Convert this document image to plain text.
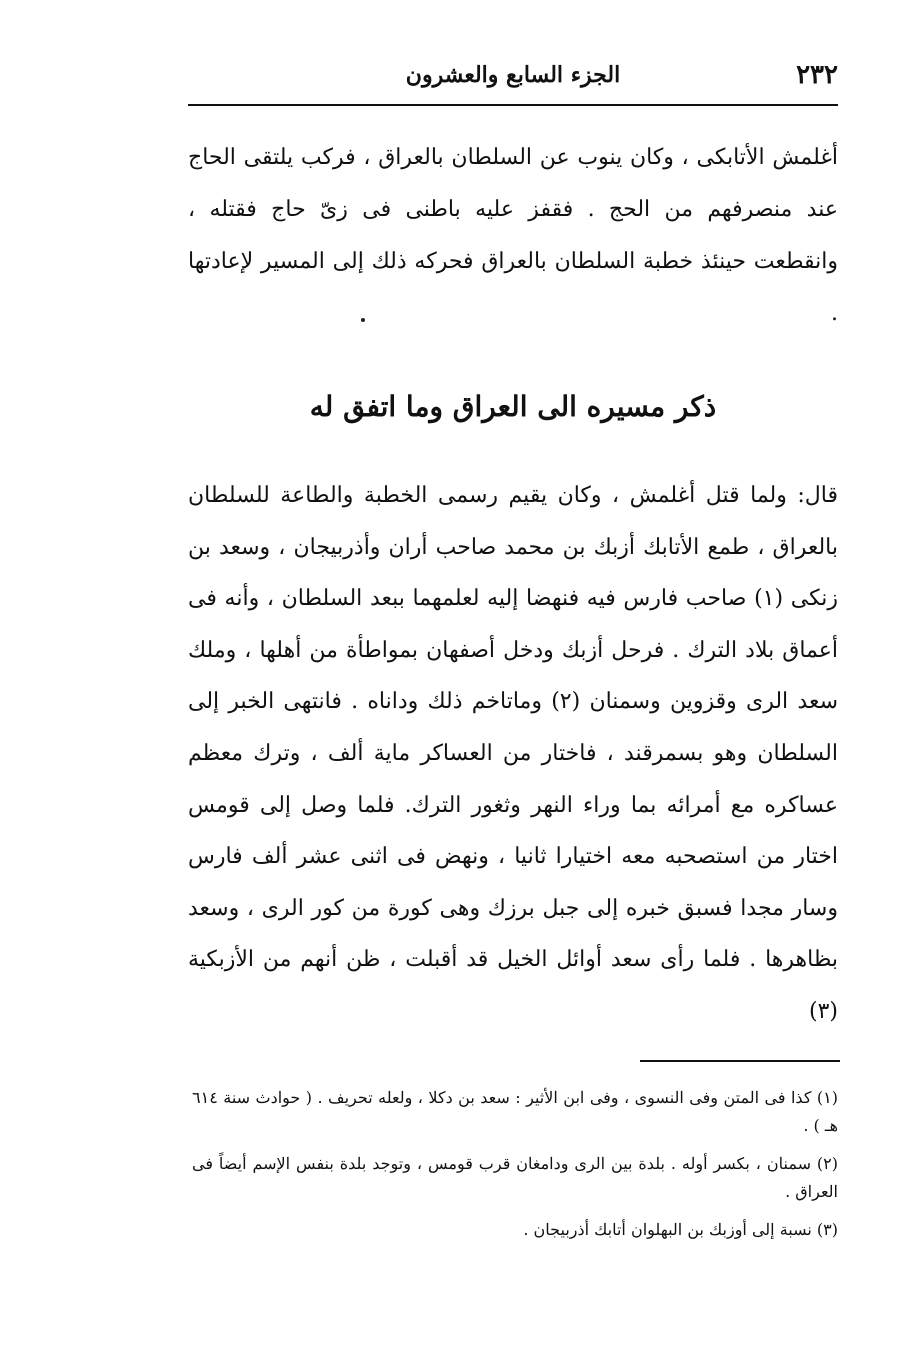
٢٣٢
الجزء السابع والعشرون

أغلمش الأتابكى ، وكان ينوب عن السلطان بالعراق ، فركب يلتقى الحاج عند منصرفهم من الحج . فقفز عليه باطنى فى زىّ حاج فقتله ، وانقطعت حينئذ خطبة السلطان بالعراق فحركه ذلك إلى المسير لإعادتها .

ذكر مسيره الى العراق وما اتفق له

قال: ولما قتل أغلمش ، وكان يقيم رسمى الخطبة والطاعة للسلطان بالعراق ، طمع الأتابك أزبك بن محمد صاحب أران وأذربيجان ، وسعد بن زنكى (١) صاحب فارس فيه فنهضا إليه لعلمهما ببعد السلطان ، وأنه فى أعماق بلاد الترك . فرحل أزبك ودخل أصفهان بمواطأة من أهلها ، وملك سعد الرى وقزوين وسمنان (٢) وماتاخم ذلك وداناه . فانتهى الخبر إلى السلطان وهو بسمرقند ، فاختار من العساكر ماية ألف ، وترك معظم عساكره مع أمرائه بما وراء النهر وثغور الترك. فلما وصل إلى قومس اختار من استصحبه معه اختيارا ثانيا ، ونهض فى اثنى عشر ألف فارس وسار مجدا فسبق خبره إلى جبل برزك وهى كورة من كور الرى ، وسعد بظاهرها . فلما رأى سعد أوائل الخيل قد أقبلت ، ظن أنهم من الأزبكية (٣)

(١) كذا فى المتن وفى النسوى ، وفى ابن الأثير : سعد بن دكلا ، ولعله تحريف . ( حوادث سنة ٦١٤ هـ ) .
(٢) سمنان ، بكسر أوله . بلدة بين الرى ودامغان قرب قومس ، وتوجد بلدة بنفس الإسم أيضاً فى العراق .
(٣) نسبة إلى أوزبك بن البهلوان أتابك أذربيجان .
